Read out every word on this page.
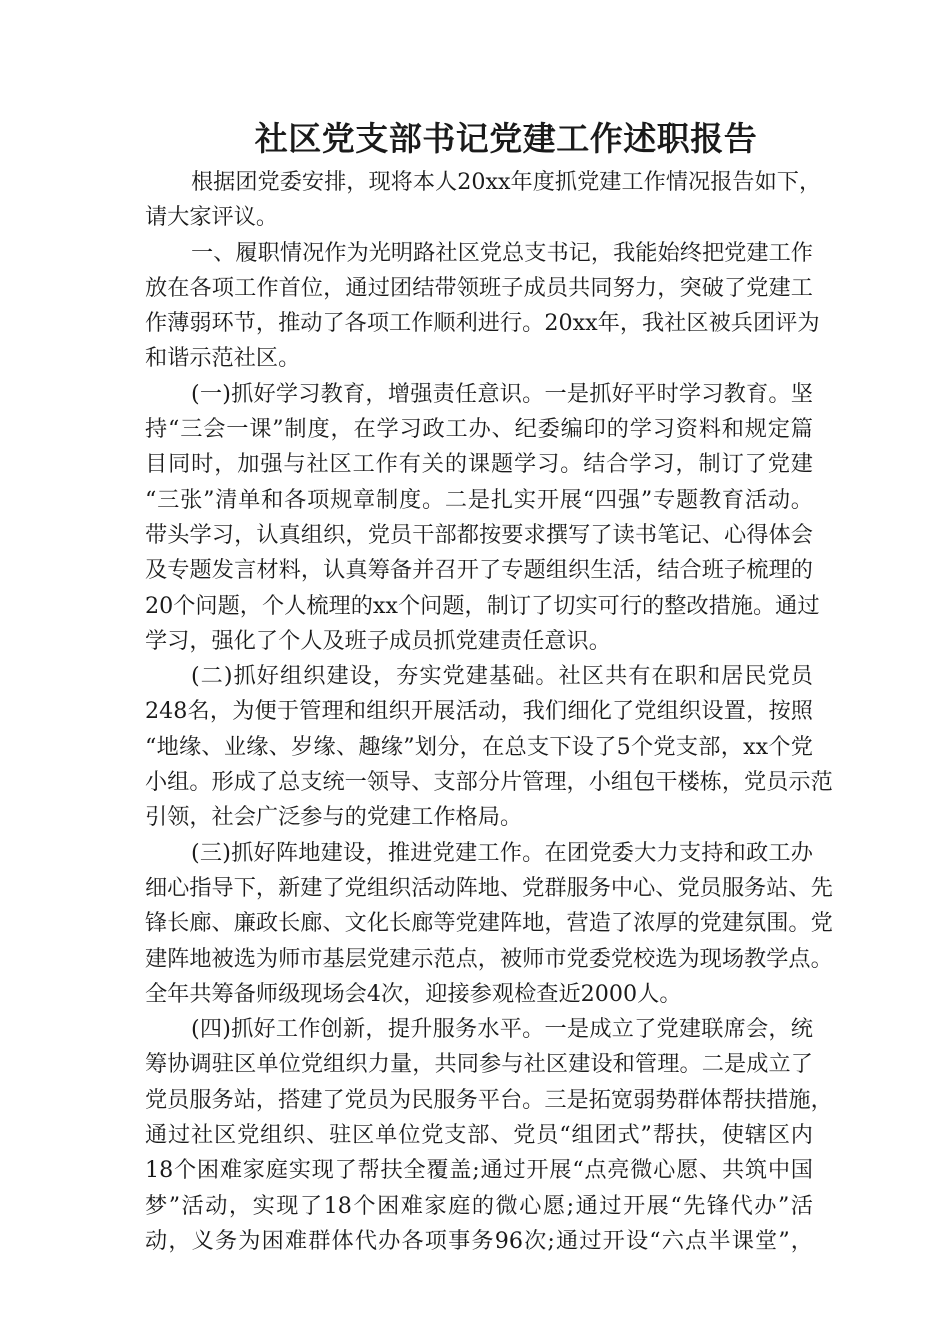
社区党支部书记党建工作述职报告
根据团党委安排，现将本人20xx年度抓党建工作情况报告如下，
请大家评议。
一、履职情况作为光明路社区党总支书记，我能始终把党建工作
放在各项工作首位，通过团结带领班子成员共同努力，突破了党建工
作薄弱环节，推动了各项工作顺利进行。20xx年，我社区被兵团评为
和谐示范社区。
(一)抓好学习教育，增强责任意识。一是抓好平时学习教育。坚
持“三会一课”制度，在学习政工办、纪委编印的学习资料和规定篇
目同时，加强与社区工作有关的课题学习。结合学习，制订了党建
“三张”清单和各项规章制度。二是扎实开展“四强”专题教育活动。
带头学习，认真组织，党员干部都按要求撰写了读书笔记、心得体会
及专题发言材料，认真筹备并召开了专题组织生活，结合班子梳理的
20个问题，个人梳理的xx个问题，制订了切实可行的整改措施。通过
学习，强化了个人及班子成员抓党建责任意识。
(二)抓好组织建设，夯实党建基础。社区共有在职和居民党员
248名，为便于管理和组织开展活动，我们细化了党组织设置，按照
“地缘、业缘、岁缘、趣缘”划分，在总支下设了5个党支部，xx个党
小组。形成了总支统一领导、支部分片管理，小组包干楼栋，党员示范
引领，社会广泛参与的党建工作格局。
(三)抓好阵地建设，推进党建工作。在团党委大力支持和政工办
细心指导下，新建了党组织活动阵地、党群服务中心、党员服务站、先
锋长廊、廉政长廊、文化长廊等党建阵地，营造了浓厚的党建氛围。党
建阵地被选为师市基层党建示范点，被师市党委党校选为现场教学点。
全年共筹备师级现场会4次，迎接参观检查近2000人。
(四)抓好工作创新，提升服务水平。一是成立了党建联席会，统
筹协调驻区单位党组织力量，共同参与社区建设和管理。二是成立了
党员服务站，搭建了党员为民服务平台。三是拓宽弱势群体帮扶措施，
通过社区党组织、驻区单位党支部、党员“组团式”帮扶，使辖区内
18个困难家庭实现了帮扶全覆盖;通过开展“点亮微心愿、共筑中国
梦”活动，实现了18个困难家庭的微心愿;通过开展“先锋代办”活
动，义务为困难群体代办各项事务96次;通过开设“六点半课堂”，
